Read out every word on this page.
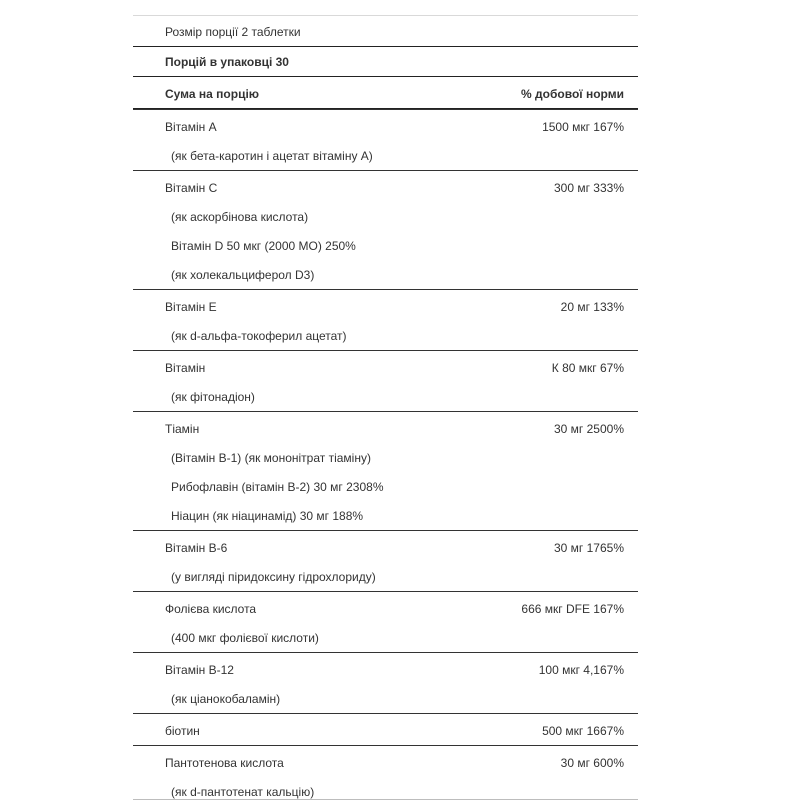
Розмір порції 2 таблетки
Порцій в упаковці 30
Сума на порцію	% добової норми
Вітамін А	1500 мкг 167%
(як бета-каротин і ацетат вітаміну А)
Вітамін С	300 мг 333%
(як аскорбінова кислота)
Вітамін D 50 мкг (2000 МО) 250%
(як холекальциферол D3)
Вітамін Е	20 мг 133%
(як d-альфа-токоферил ацетат)
Вітамін	К 80 мкг 67%
(як фітонадіон)
Тіамін	30 мг 2500%
(Вітамін В-1) (як мононітрат тіаміну)
Рибофлавін (вітамін В-2) 30 мг 2308%
Ніацин (як ніацинамід) 30 мг 188%
Вітамін В-6	30 мг 1765%
(у вигляді піридоксину гідрохлориду)
Фолієва кислота	666 мкг DFE 167%
(400 мкг фолієвої кислоти)
Вітамін В-12	100 мкг 4,167%
(як ціанокобаламін)
біотин	500 мкг 1667%
Пантотенова кислота	30 мг 600%
(як d-пантотенат кальцію)
